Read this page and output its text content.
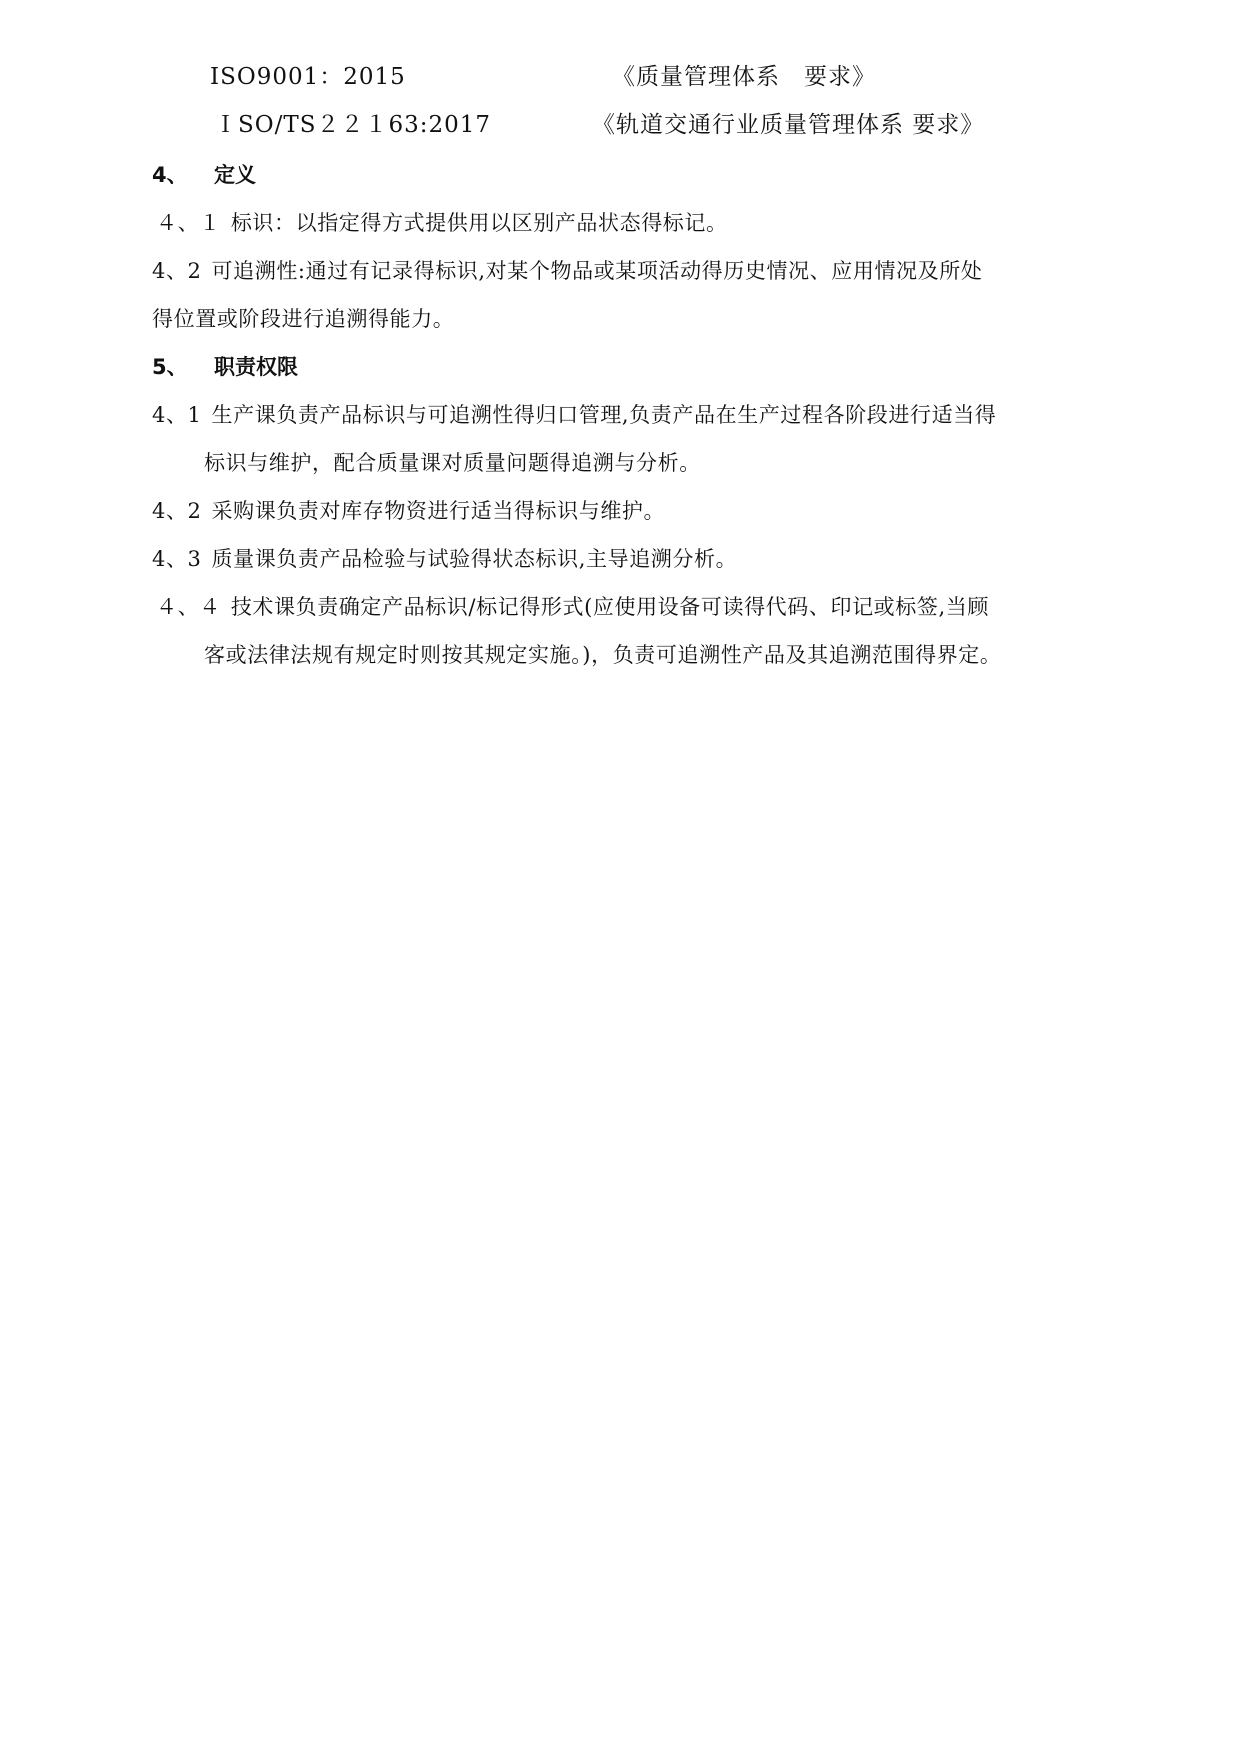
ISO9001：2015	《质量管理体系　要求》
ＩSO/TS２２１63:2017	《轨道交通行业质量管理体系 要求》
4、 定义
４、１ 标识：以指定得方式提供用以区别产品状态得标记。
4、2 可追溯性:通过有记录得标识,对某个物品或某项活动得历史情况、应用情况及所处
得位置或阶段进行追溯得能力。
5、 职责权限
4、1 生产课负责产品标识与可追溯性得归口管理,负责产品在生产过程各阶段进行适当得
标识与维护，配合质量课对质量问题得追溯与分析。
4、2 采购课负责对库存物资进行适当得标识与维护。
4、3 质量课负责产品检验与试验得状态标识,主导追溯分析。
４、４ 技术课负责确定产品标识/标记得形式(应使用设备可读得代码、印记或标签,当顾
客或法律法规有规定时则按其规定实施。)，负责可追溯性产品及其追溯范围得界定。
